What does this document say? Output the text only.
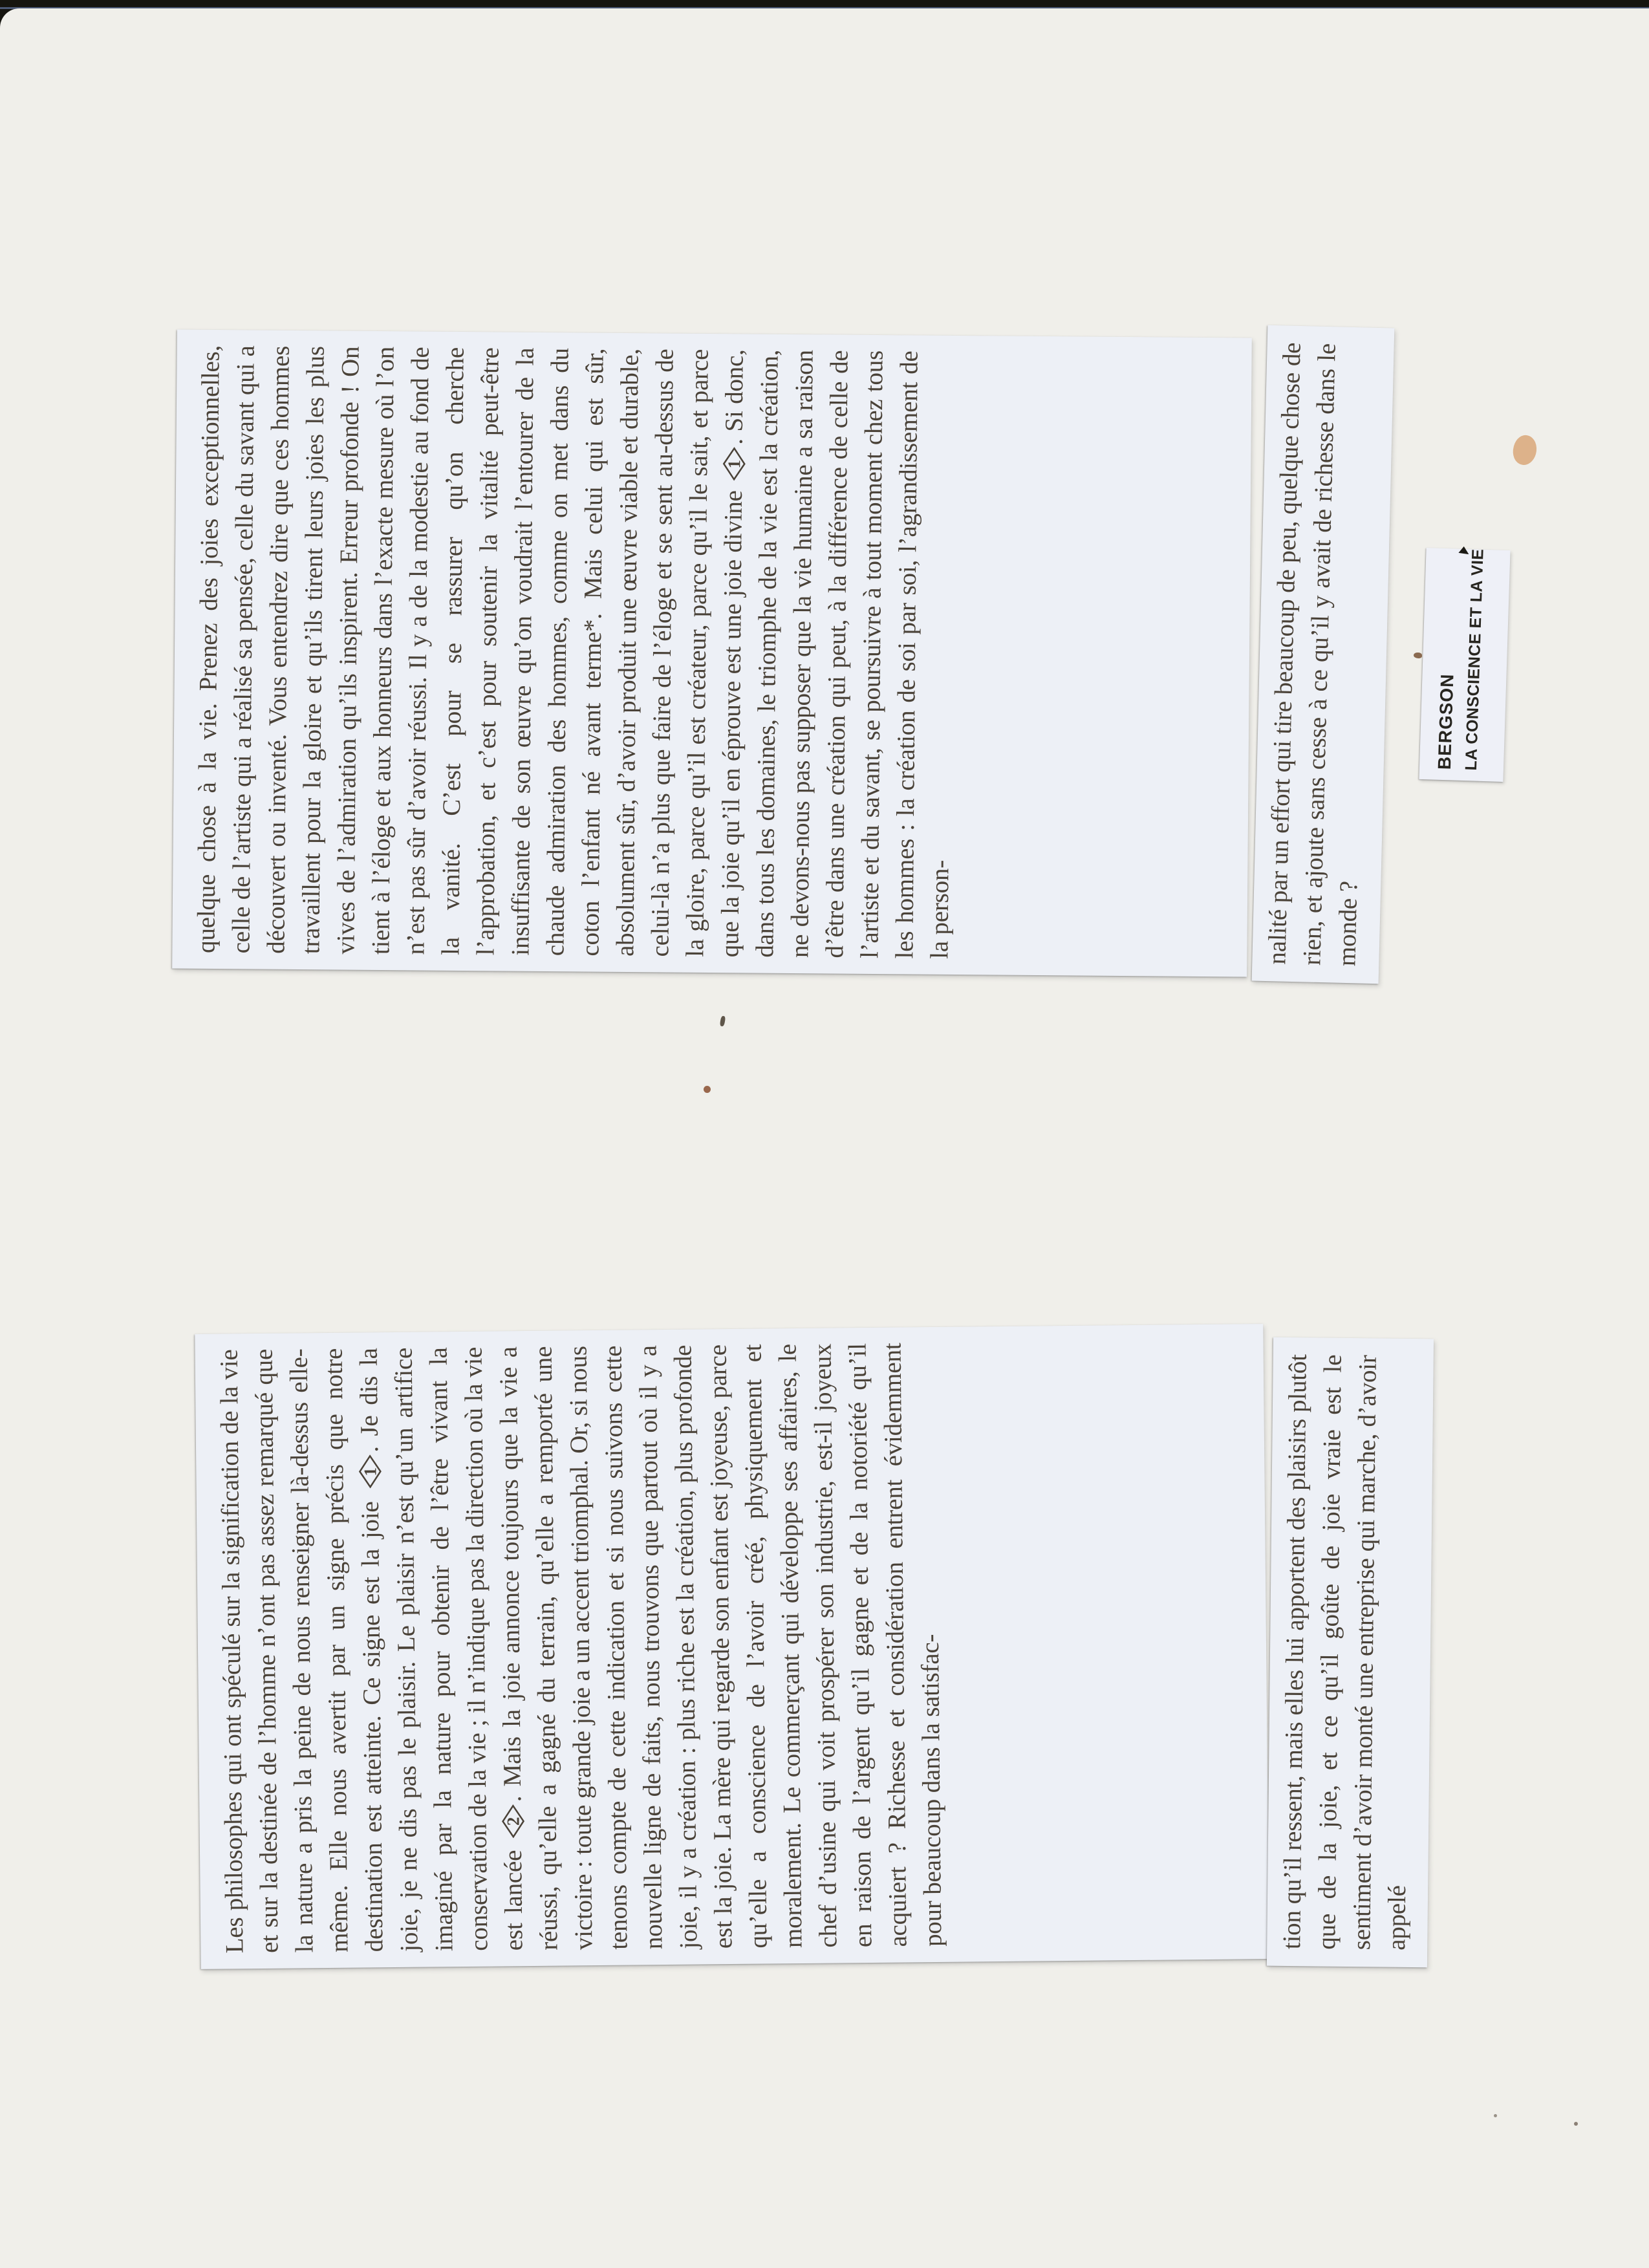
quelque chose à la vie. Prenez des joies exceptionnelles, celle de l’artiste qui a réalisé sa pensée, celle du savant qui a découvert ou inventé. Vous entendrez dire que ces hommes travaillent pour la gloire et qu’ils tirent leurs joies les plus vives de l’admiration qu’ils inspirent. Erreur profonde ! On tient à l’éloge et aux honneurs dans l’exacte mesure où l’on n’est pas sûr d’avoir réussi. Il y a de la modestie au fond de la vanité. C’est pour se rassurer qu’on cherche l’approbation, et c’est pour soutenir la vitalité peut-être insuffisante de son œuvre qu’on voudrait l’entourer de la chaude admiration des hommes, comme on met dans du coton l’enfant né avant terme*. Mais celui qui est sûr, absolument sûr, d’avoir produit une œuvre viable et durable, celui-là n’a plus que faire de l’éloge et se sent au-dessus de la gloire, parce qu’il est créateur, parce qu’il le sait, et parce que la joie qu’il en éprouve est une joie divine
1
. Si donc, dans tous les domaines, le triomphe de la vie est la création, ne devons-nous pas supposer que la vie humaine a sa raison d’être dans une création qui peut, à la différence de celle de l’artiste et du savant, se poursuivre à tout moment chez tous les hommes : la création de soi par soi, l’agrandissement de la person-	nalité par un effort qui tire beaucoup de peu, quelque chose de rien, et ajoute sans cesse à ce qu’il y avait de richesse dans le monde ?
Les philosophes qui ont spéculé sur la signification de la vie et sur la destinée de l’homme n’ont pas assez remarqué que la nature a pris la peine de nous renseigner là-dessus elle-même. Elle nous avertit par un signe précis que notre destination est atteinte. Ce signe est la joie
1
. Je dis la joie, je ne dis pas le plaisir. Le plaisir n’est qu’un artifice imaginé par la nature pour obtenir de l’être vivant la conservation de la vie ; il n’indique pas la direction où la vie est lancée
2
. Mais la joie annonce toujours que la vie a réussi, qu’elle a gagné du terrain, qu’elle a remporté une victoire : toute grande joie a un accent triomphal. Or, si nous tenons compte de cette indication et si nous suivons cette nouvelle ligne de faits, nous trouvons que partout où il y a joie, il y a création : plus riche est la création, plus profonde est la joie. La mère qui regarde son enfant est joyeuse, parce qu’elle a conscience de l’avoir créé, physiquement et moralement. Le commerçant qui développe ses affaires, le chef d’usine qui voit prospérer son industrie, est-il joyeux en raison de l’argent qu’il gagne et de la notoriété qu’il acquiert ? Richesse et considération entrent évidemment pour beaucoup dans la satisfac-	tion qu’il ressent, mais elles lui apportent des plaisirs plutôt que de la joie, et ce qu’il goûte de joie vraie est le sentiment d’avoir monté une entreprise qui marche, d’avoir appelé
BERGSON LA CONSCIENCE ET LA VIE
